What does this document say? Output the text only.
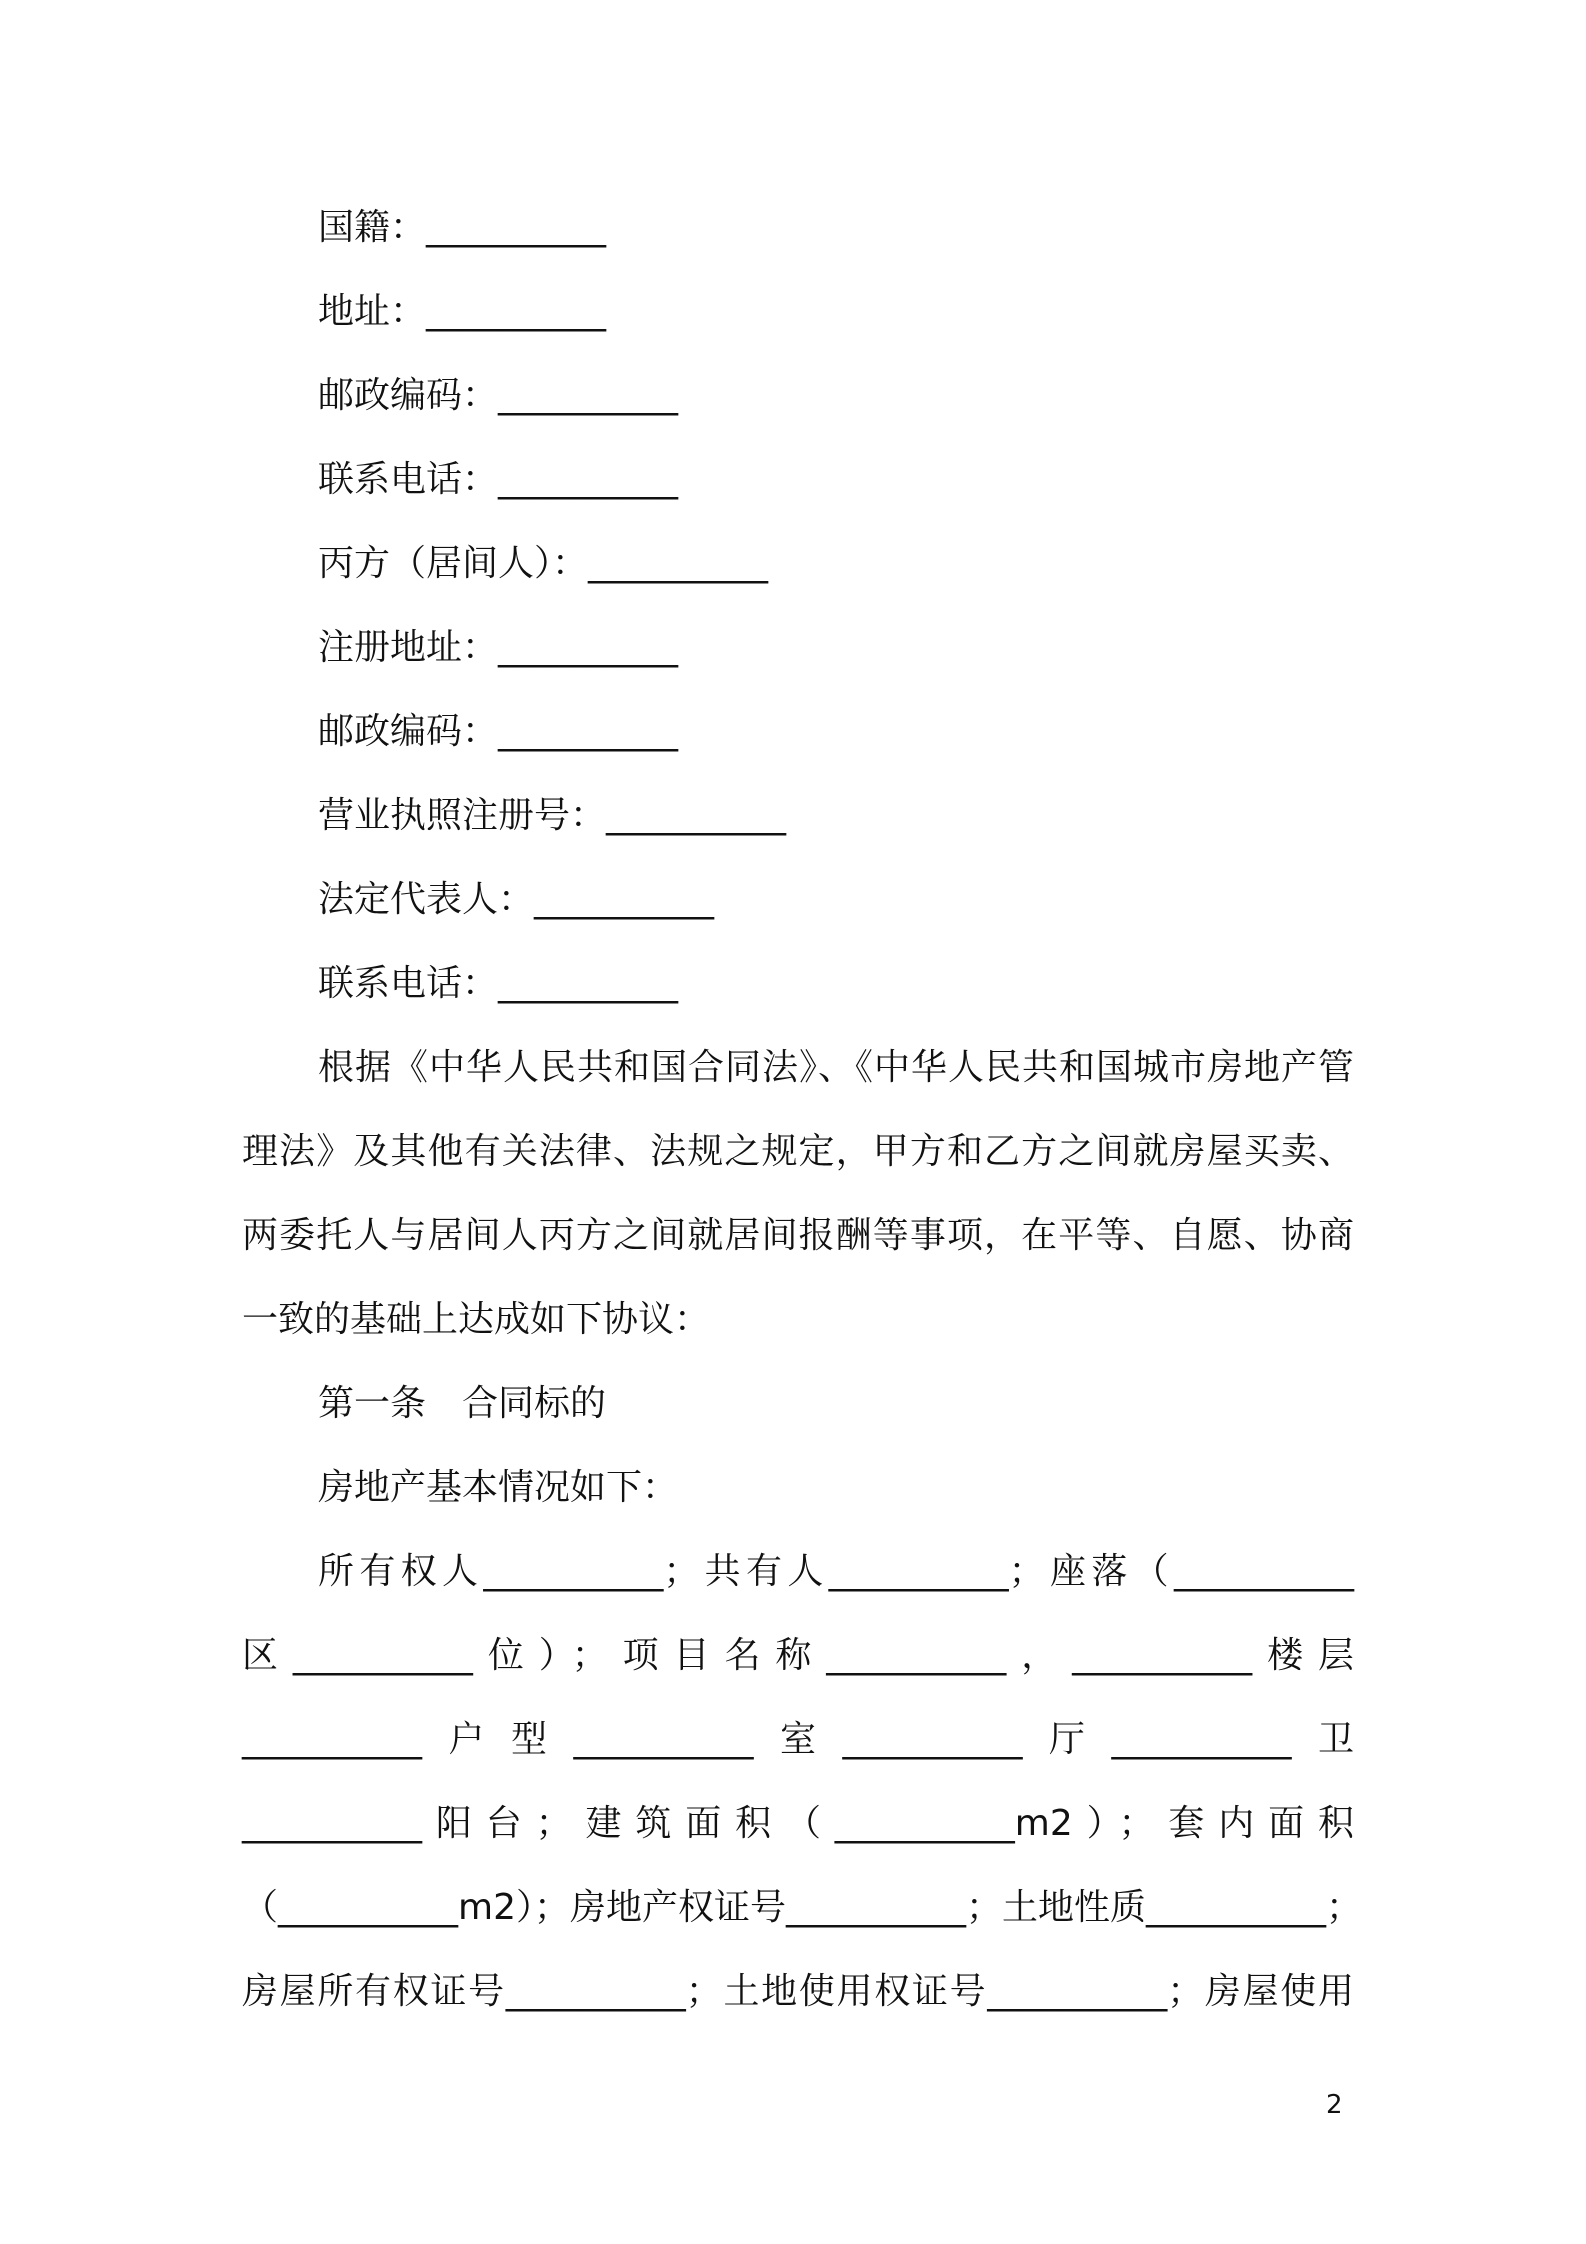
国籍：__________
地址：__________
邮政编码：__________
联系电话：__________
丙方（居间人）：__________
注册地址：__________
邮政编码：__________
营业执照注册号：__________
法定代表人：__________
联系电话：__________
根据《中华人民共和国合同法》、《中华人民共和国城市房地产管
理法》及其他有关法律、法规之规定，甲方和乙方之间就房屋买卖、
两委托人与居间人丙方之间就居间报酬等事项，在平等、自愿、协商
一致的基础上达成如下协议：
第一条　合同标的
房地产基本情况如下：
所有权人__________；共有人__________；座落（__________
区__________位）；项目名称__________，__________楼层
__________户型__________室__________厅__________卫
__________阳台；建筑面积（__________m2）；套内面积
（__________m2）；房地产权证号__________；土地性质__________；
房屋所有权证号__________；土地使用权证号__________；房屋使用
2
